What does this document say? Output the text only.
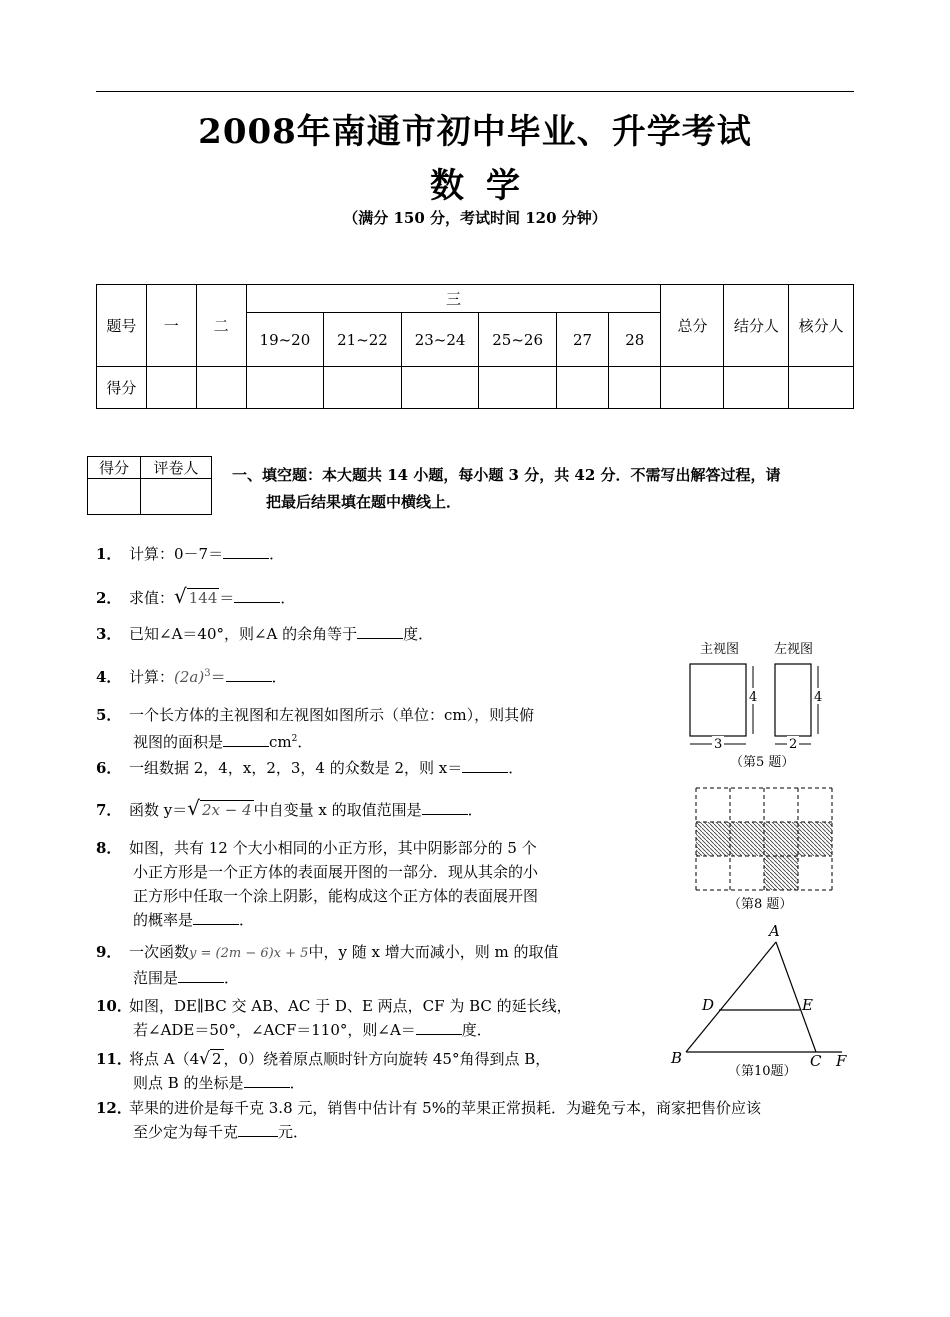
2008年南通市初中毕业、升学考试
数学
（满分 150 分，考试时间 120 分钟）
题号	一	二	三						总分	结分人	核分人
			19~20	21~22	23~24	25~26	27	28			
得分											
得分	评卷人
	一、填空题：本大题共 14 小题，每小题 3 分，共 42 分．不需写出解答过程，请
把最后结果填在题中横线上．
1． 计算：0－7＝	．
2． 求值：√ 144 ＝	．
3． 已知∠A＝40°，则∠A 的余角等于	度．
4． 计算：$(2a)^3=$	．
5． 一个长方体的主视图和左视图如图所示（单位：cm），则其俯
视图的面积是	$cm^2$．
6． 一组数据 2，4，x，2，3，4 的众数是 2，则 x＝	．
7． 函数 y＝√ 2x − 4 中自变量 x 的取值范围是	．
8． 如图，共有 12 个大小相同的小正方形，其中阴影部分的 5 个
小正方形是一个正方体的表面展开图的一部分．现从其余的小
正方形中任取一个涂上阴影，能构成这个正方体的表面展开图
的概率是	．
9． 一次函数y = (2m − 6)x + 5中，y 随 x 增大而减小，则 m 的取值
范围是	．
10．如图，DE∥BC 交 AB、AC 于 D、E 两点，CF 为 BC 的延长线，
若∠ADE＝50°，∠ACF＝110°，则∠A＝	度．
11．将点 A（4√ 2 ，0）绕着原点顺时针方向旋转 45°角得到点 B，
则点 B 的坐标是	．
12．苹果的进价是每千克 3.8 元，销售中估计有 5%的苹果正常损耗．为避免亏本，商家把售价应该
至少定为每千克	元．
主视图	左视图
4	4
3	2
（第5 题）
（第8 题）
A
D	E
B	C F
（第10题）
